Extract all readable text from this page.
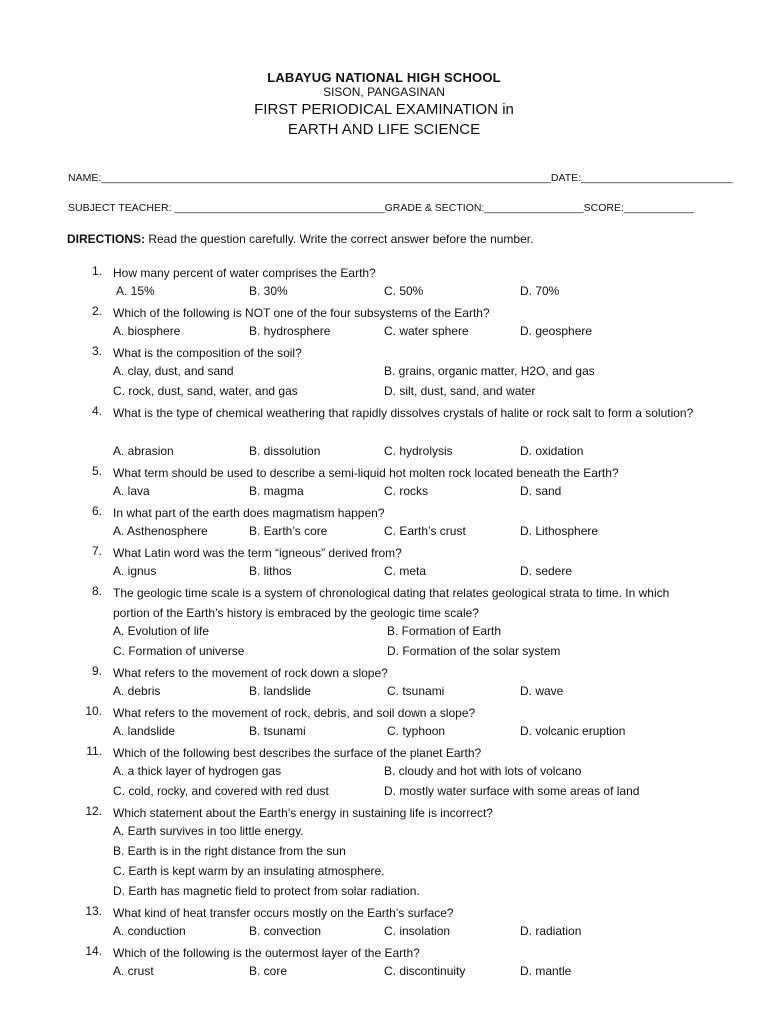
LABAYUG NATIONAL HIGH SCHOOL
SISON, PANGASINAN
FIRST PERIODICAL EXAMINATION in
EARTH AND LIFE SCIENCE
NAME:_____________________________________________________________________________DATE:__________________________
SUBJECT TEACHER: ____________________________________GRADE & SECTION:_________________SCORE:____________
DIRECTIONS: Read the question carefully. Write the correct answer before the number.
1. How many percent of water comprises the Earth?
A. 15%	B. 30%	C. 50%	D. 70%
2. Which of the following is NOT one of the four subsystems of the Earth?
A. biosphere	B. hydrosphere	C. water sphere	D. geosphere
3. What is the composition of the soil?
A. clay, dust, and sand	B. grains, organic matter, H2O, and gas
C. rock, dust, sand, water, and gas	D. silt, dust, sand, and water
4. What is the type of chemical weathering that rapidly dissolves crystals of halite or rock salt to form a solution?
A. abrasion	B. dissolution	C. hydrolysis	D. oxidation
5. What term should be used to describe a semi-liquid hot molten rock located beneath the Earth?
A. lava	B. magma	C. rocks	D. sand
6. In what part of the earth does magmatism happen?
A. Asthenosphere	B. Earth’s core	C. Earth’s crust	D. Lithosphere
7. What Latin word was the term “igneous” derived from?
A. ignus	B. lithos	C. meta	D. sedere
8. The geologic time scale is a system of chronological dating that relates geological strata to time. In which portion of the Earth’s history is embraced by the geologic time scale?
A. Evolution of life	B. Formation of Earth
C. Formation of universe	D. Formation of the solar system
9. What refers to the movement of rock down a slope?
A. debris	B. landslide	C. tsunami	D. wave
10. What refers to the movement of rock, debris, and soil down a slope?
A. landslide	B. tsunami	C. typhoon	D. volcanic eruption
11. Which of the following best describes the surface of the planet Earth?
A. a thick layer of hydrogen gas	B. cloudy and hot with lots of volcano
C. cold, rocky, and covered with red dust	D. mostly water surface with some areas of land
12. Which statement about the Earth’s energy in sustaining life is incorrect?
A. Earth survives in too little energy.
B. Earth is in the right distance from the sun
C. Earth is kept warm by an insulating atmosphere.
D. Earth has magnetic field to protect from solar radiation.
13. What kind of heat transfer occurs mostly on the Earth’s surface?
A. conduction	B. convection	C. insolation	D. radiation
14. Which of the following is the outermost layer of the Earth?
A. crust	B. core	C. discontinuity	D. mantle
